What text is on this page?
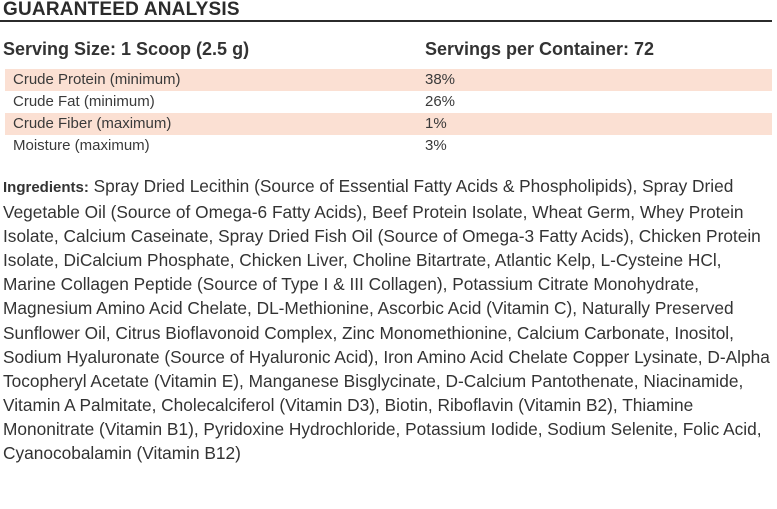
GUARANTEED ANALYSIS
Serving Size: 1 Scoop (2.5 g)	Servings per Container: 72
Crude Protein (minimum)	38%
Crude Fat (minimum)	26%
Crude Fiber (maximum)	1%
Moisture (maximum)	3%
Ingredients: Spray Dried Lecithin (Source of Essential Fatty Acids & Phospholipids), Spray Dried Vegetable Oil (Source of Omega-6 Fatty Acids), Beef Protein Isolate, Wheat Germ, Whey Protein Isolate, Calcium Caseinate, Spray Dried Fish Oil (Source of Omega-3 Fatty Acids), Chicken Protein Isolate, DiCalcium Phosphate, Chicken Liver, Choline Bitartrate, Atlantic Kelp, L-Cysteine HCl, Marine Collagen Peptide (Source of Type I & III Collagen), Potassium Citrate Monohydrate, Magnesium Amino Acid Chelate, DL-Methionine, Ascorbic Acid (Vitamin C), Naturally Preserved Sunflower Oil, Citrus Bioflavonoid Complex, Zinc Monomethionine, Calcium Carbonate, Inositol, Sodium Hyaluronate (Source of Hyaluronic Acid), Iron Amino Acid Chelate Copper Lysinate, D-Alpha Tocopheryl Acetate (Vitamin E), Manganese Bisglycinate, D-Calcium Pantothenate, Niacinamide, Vitamin A Palmitate, Cholecalciferol (Vitamin D3), Biotin, Riboflavin (Vitamin B2), Thiamine Mononitrate (Vitamin B1), Pyridoxine Hydrochloride, Potassium Iodide, Sodium Selenite, Folic Acid, Cyanocobalamin (Vitamin B12)
